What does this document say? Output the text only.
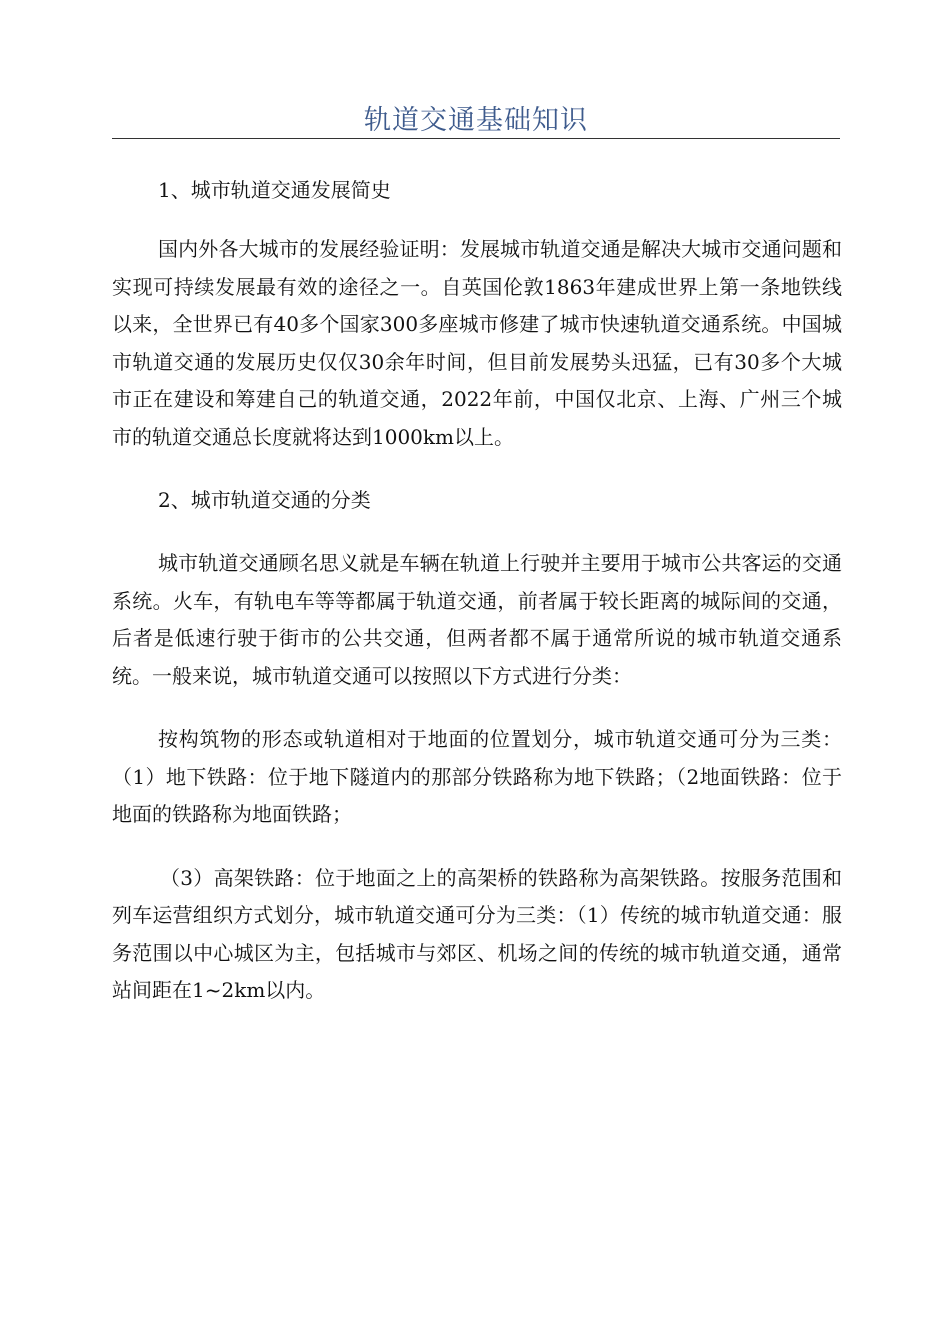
轨道交通基础知识

1、城市轨道交通发展简史

国内外各大城市的发展经验证明：发展城市轨道交通是解决大城市交通问题和实现可持续发展最有效的途径之一。自英国伦敦1863年建成世界上第一条地铁线以来，全世界已有40多个国家300多座城市修建了城市快速轨道交通系统。中国城市轨道交通的发展历史仅仅30余年时间，但目前发展势头迅猛，已有30多个大城市正在建设和筹建自己的轨道交通，2022年前，中国仅北京、上海、广州三个城市的轨道交通总长度就将达到1000km以上。

2、城市轨道交通的分类

城市轨道交通顾名思义就是车辆在轨道上行驶并主要用于城市公共客运的交通系统。火车，有轨电车等等都属于轨道交通，前者属于较长距离的城际间的交通，后者是低速行驶于街市的公共交通，但两者都不属于通常所说的城市轨道交通系统。一般来说，城市轨道交通可以按照以下方式进行分类：

按构筑物的形态或轨道相对于地面的位置划分，城市轨道交通可分为三类：（1）地下铁路：位于地下隧道内的那部分铁路称为地下铁路；（2地面铁路：位于地面的铁路称为地面铁路；

（3）高架铁路：位于地面之上的高架桥的铁路称为高架铁路。按服务范围和列车运营组织方式划分，城市轨道交通可分为三类：（1）传统的城市轨道交通：服务范围以中心城区为主，包括城市与郊区、机场之间的传统的城市轨道交通，通常站间距在1~2km以内。
